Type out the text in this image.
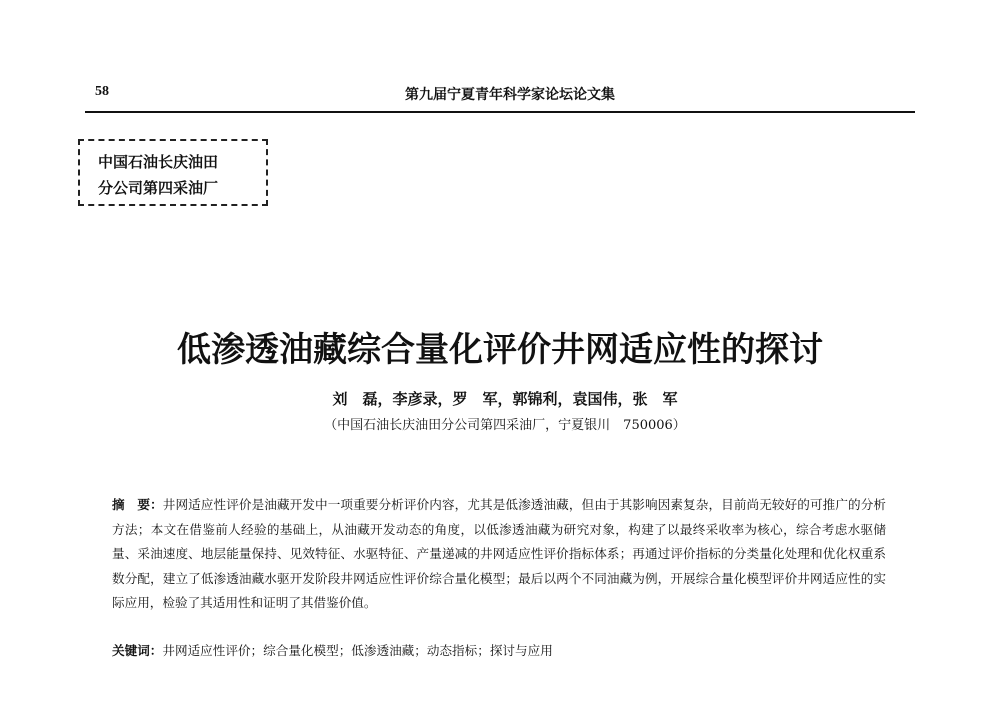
58	第九届宁夏青年科学家论坛论文集
中国石油长庆油田
分公司第四采油厂
低渗透油藏综合量化评价井网适应性的探讨
刘　磊，李彦录，罗　军，郭锦利，袁国伟，张　军
（中国石油长庆油田分公司第四采油厂，宁夏银川　750006）
摘　要：井网适应性评价是油藏开发中一项重要分析评价内容，尤其是低渗透油藏，但由于其影响因素复杂，目前尚无较好的可推广的分析方法；本文在借鉴前人经验的基础上，从油藏开发动态的角度，以低渗透油藏为研究对象，构建了以最终采收率为核心，综合考虑水驱储量、采油速度、地层能量保持、见效特征、水驱特征、产量递减的井网适应性评价指标体系；再通过评价指标的分类量化处理和优化权重系数分配，建立了低渗透油藏水驱开发阶段井网适应性评价综合量化模型；最后以两个不同油藏为例，开展综合量化模型评价井网适应性的实际应用，检验了其适用性和证明了其借鉴价值。
关键词：井网适应性评价；综合量化模型；低渗透油藏；动态指标；探讨与应用
